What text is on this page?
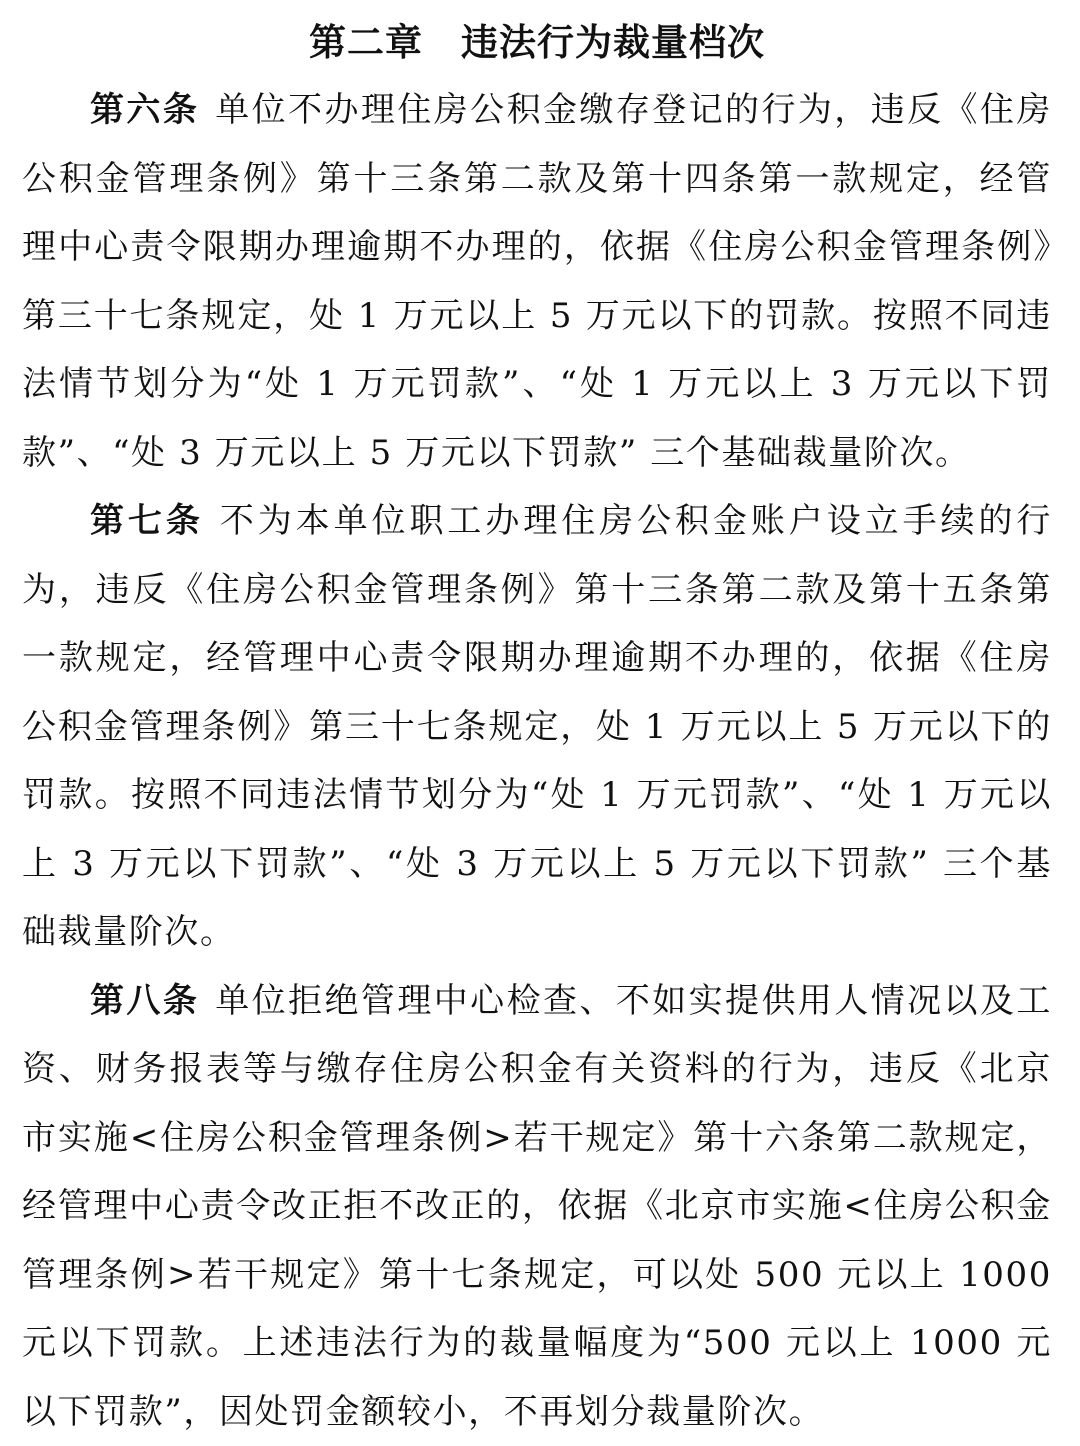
第二章　违法行为裁量档次

第六条 单位不办理住房公积金缴存登记的行为，违反《住房公积金管理条例》第十三条第二款及第十四条第一款规定，经管理中心责令限期办理逾期不办理的，依据《住房公积金管理条例》第三十七条规定，处 1 万元以上 5 万元以下的罚款。按照不同违法情节划分为“处 1 万元罚款”、“处 1 万元以上 3 万元以下罚款”、“处 3 万元以上 5 万元以下罚款” 三个基础裁量阶次。

第七条 不为本单位职工办理住房公积金账户设立手续的行为，违反《住房公积金管理条例》第十三条第二款及第十五条第一款规定，经管理中心责令限期办理逾期不办理的，依据《住房公积金管理条例》第三十七条规定，处 1 万元以上 5 万元以下的罚款。按照不同违法情节划分为“处 1 万元罚款”、“处 1 万元以上 3 万元以下罚款”、“处 3 万元以上 5 万元以下罚款” 三个基础裁量阶次。

第八条 单位拒绝管理中心检查、不如实提供用人情况以及工资、财务报表等与缴存住房公积金有关资料的行为，违反《北京市实施<住房公积金管理条例>若干规定》第十六条第二款规定，经管理中心责令改正拒不改正的，依据《北京市实施<住房公积金管理条例>若干规定》第十七条规定，可以处 500 元以上 1000 元以下罚款。上述违法行为的裁量幅度为“500 元以上 1000 元以下罚款”，因处罚金额较小，不再划分裁量阶次。
